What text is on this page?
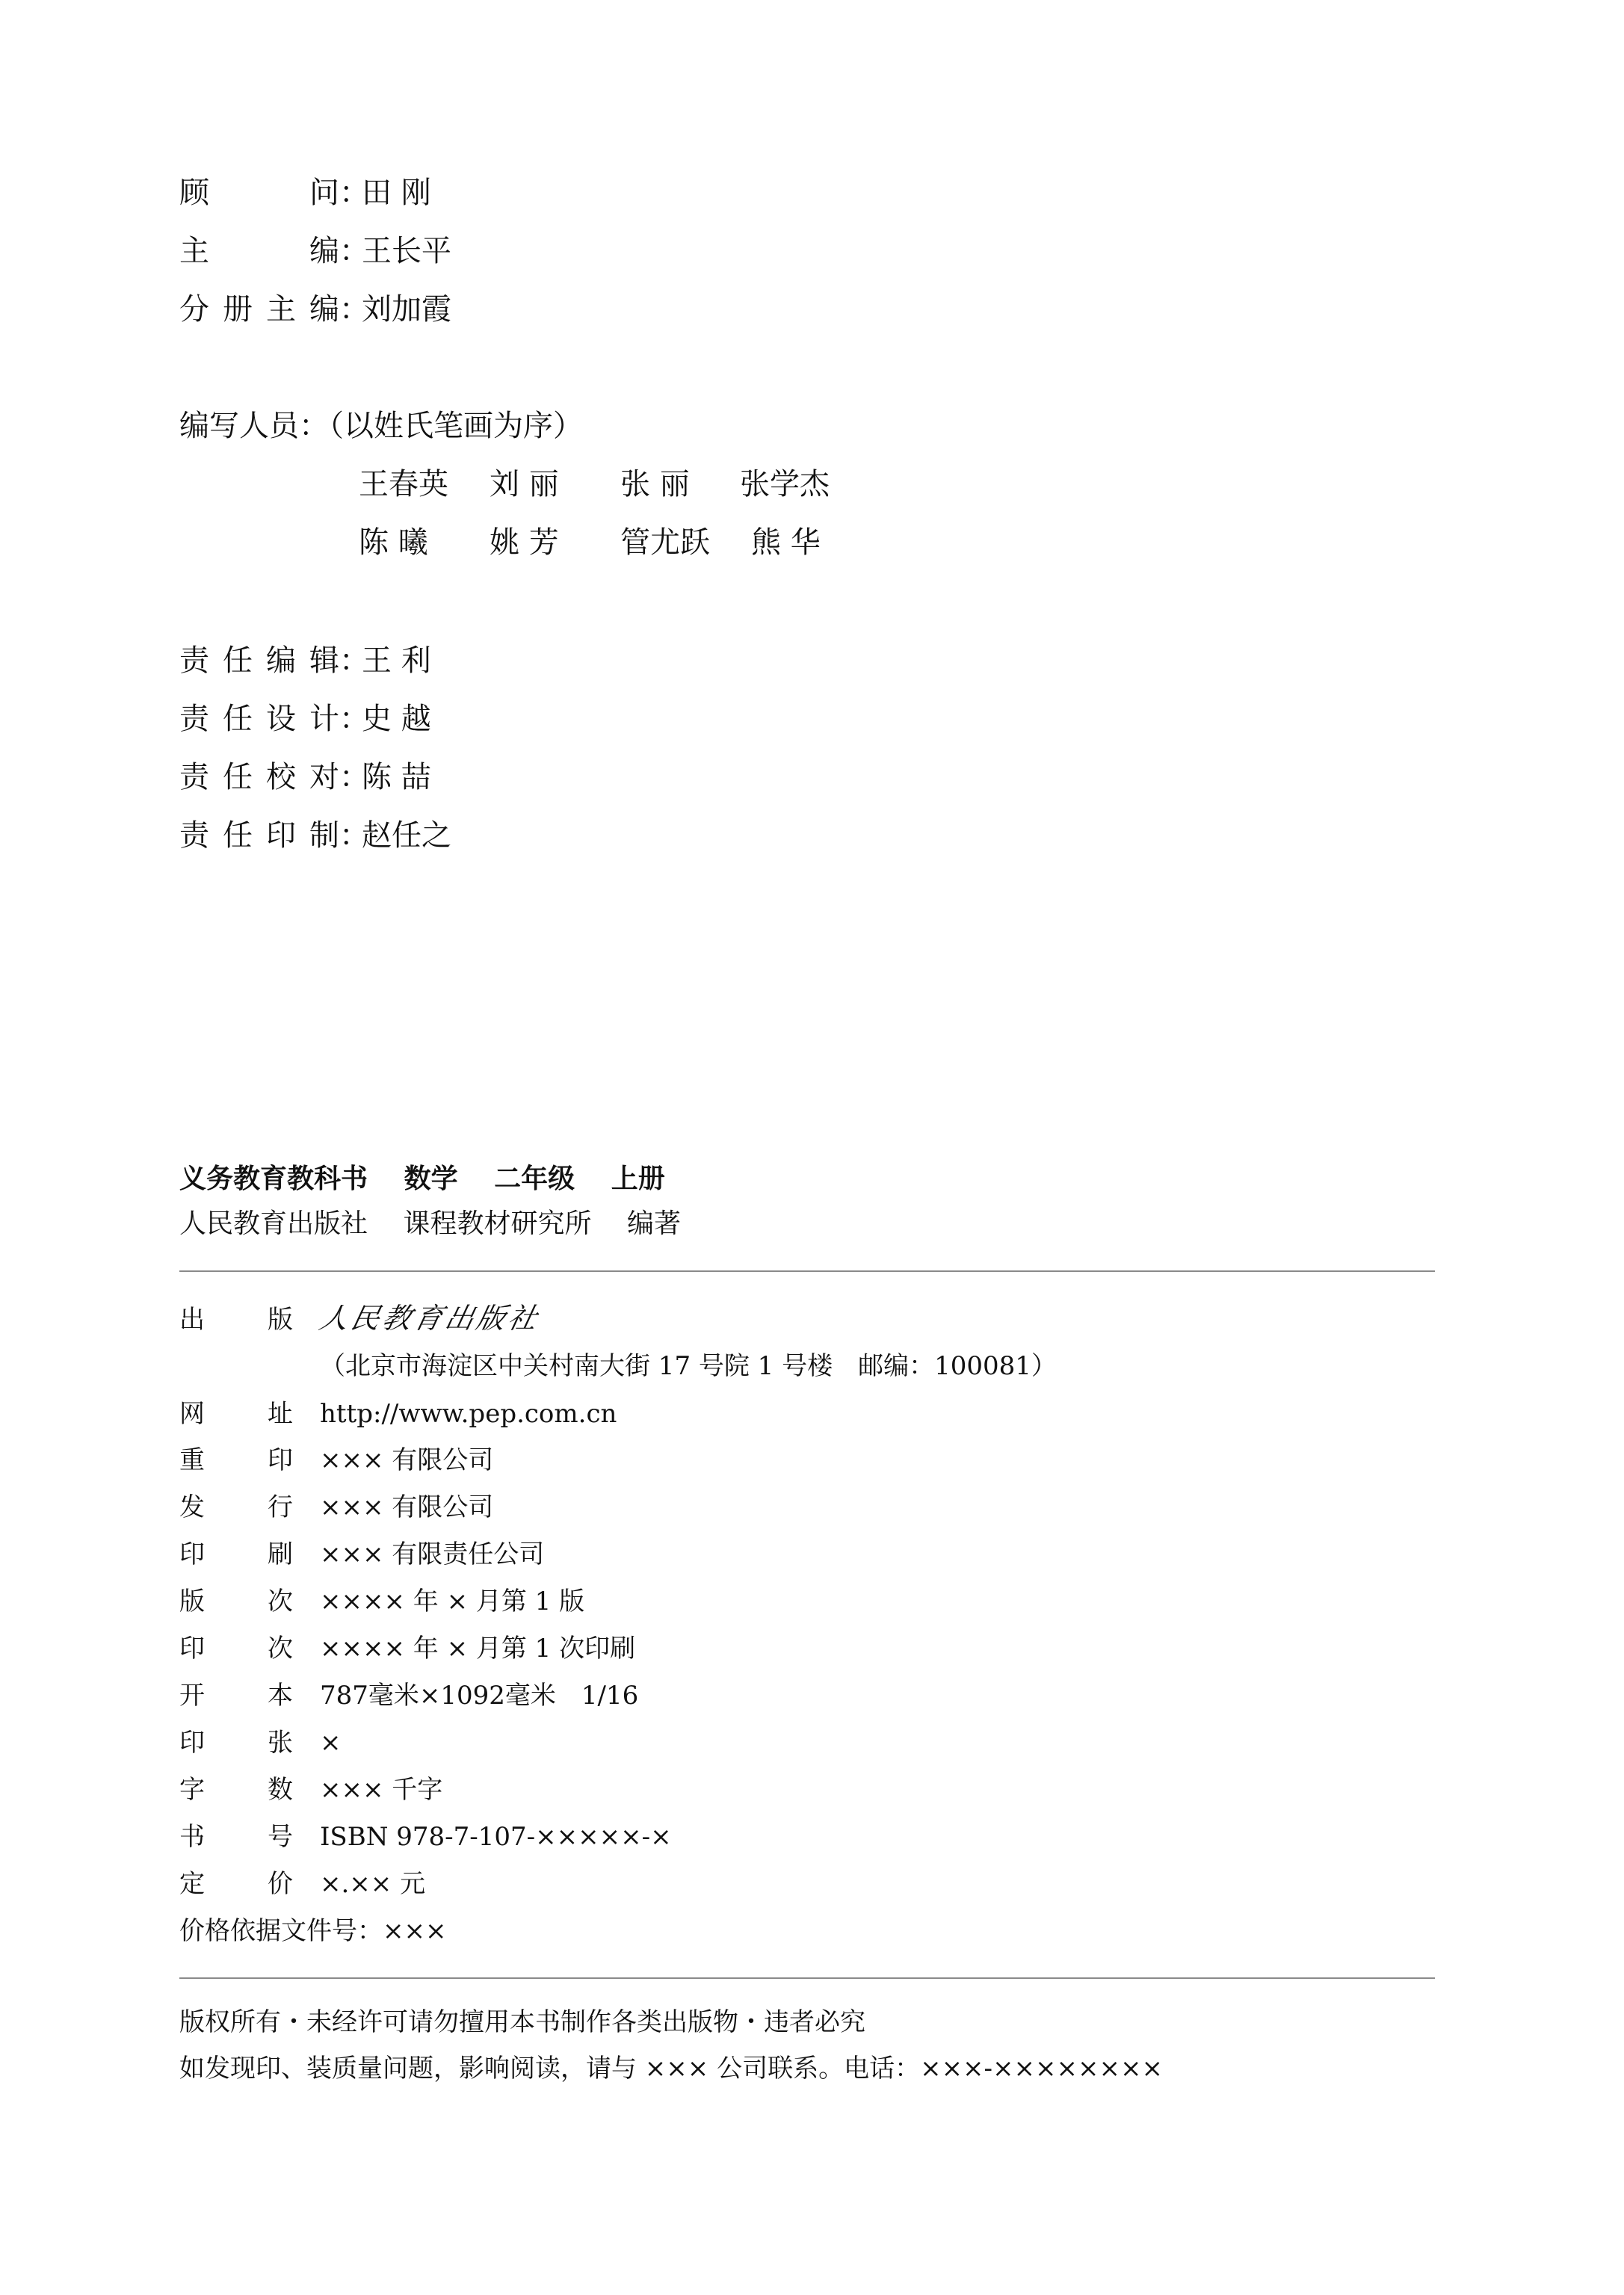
顾问 ：
田 刚
主编 ：
王长平
分册主编 ：
刘加霞
编写人员：（以姓氏笔画为序）
王春英	刘 丽	张 丽	张学杰
陈 曦	姚 芳	管尤跃	熊 华
责任编辑 ：
王 利
责任设计 ：
史 越
责任校对 ：
陈 喆
责任印制 ：
赵任之
义务教育教科书 数学 二年级 上册
人民教育出版社 课程教材研究所 编著
出版 人民教育出版社
（北京市海淀区中关村南大街 17 号院 1 号楼　邮编：100081）
网址 http://www.pep.com.cn
重印 ××× 有限公司
发行 ××× 有限公司
印刷 ××× 有限责任公司
版次 ×××× 年 × 月第 1 版
印次 ×××× 年 × 月第 1 次印刷
开本 787毫米×1092毫米　1/16
印张 ×
字数 ××× 千字
书号 ISBN 978-7-107-×××××-×
定价 ×.×× 元
价格依据文件号：×××
版权所有・未经许可请勿擅用本书制作各类出版物・违者必究
如发现印、装质量问题，影响阅读，请与 ××× 公司联系。电话：×××-××××××××
